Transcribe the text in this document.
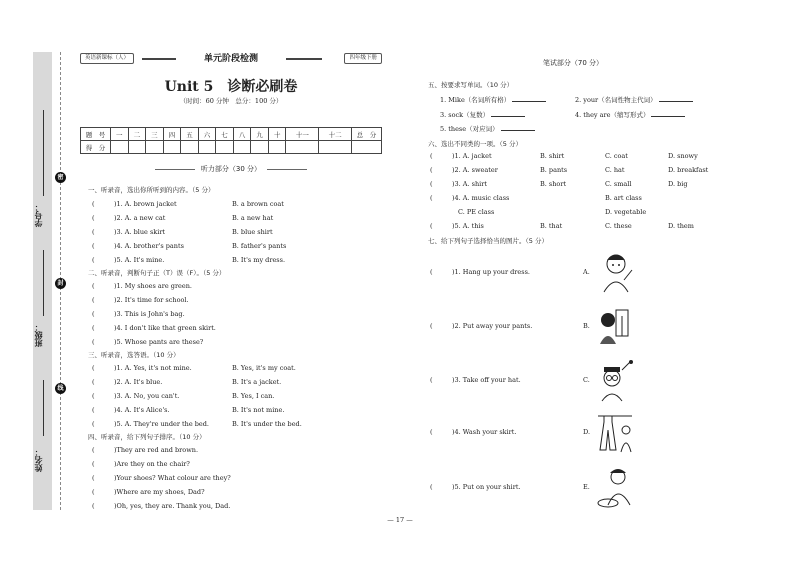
姓名：
班级：
学号：
密
封
线
英语新课标（人）	单元阶段检测	四年级下册
Unit 5 诊断必刷卷
（时间：60 分钟　总分：100 分）
题　号	一	二	三	四	五	六	七	八	九	十	十一	十二	总　分
得　分													
听力部分（30 分）
一、听录音，选出你所听到的内容。（5 分）
(	)1. A. brown jacket	B. a brown coat
(	)2. A. a new cat	B. a new hat
(	)3. A. blue skirt	B. blue shirt
(	)4. A. brother's pants	B. father's pants
(	)5. A. It's mine.	B. It's my dress.
二、听录音，判断句子正（T）误（F）。（5 分）
(	)1. My shoes are green.
(	)2. It's time for school.
(	)3. This is John's bag.
(	)4. I don't like that green skirt.
(	)5. Whose pants are these?
三、听录音，选答语。（10 分）
(	)1. A. Yes, it's not mine.	B. Yes, it's my coat.
(	)2. A. It's blue.	B. It's a jacket.
(	)3. A. No, you can't.	B. Yes, I can.
(	)4. A. It's Alice's.	B. It's not mine.
(	)5. A. They're under the bed.	B. It's under the bed.
四、听录音，给下列句子排序。（10 分）
(	)They are red and brown.
(	)Are they on the chair?
(	)Your shoes? What colour are they?
(	)Where are my shoes, Dad?
(	)Oh, yes, they are. Thank you, Dad.
笔试部分（70 分）
五、按要求写单词。（10 分）
1. Mike（名词所有格）	2. your（名词性物主代词）
3. sock（复数）	4. they are（缩写形式）
5. these（对应词）
六、选出不同类的一项。（5 分）
(	)1. A. jacket	B. shirt	C. coat	D. snowy
(	)2. A. sweater	B. pants	C. hat	D. breakfast
(	)3. A. shirt	B. short	C. small	D. big
(	)4. A. music class	B. art class
C. PE class	D. vegetable
(	)5. A. this	B. that	C. these	D. them
七、给下列句子选择恰当的图片。（5 分）
(	)1. Hang up your dress.	A.
(	)2. Put away your pants.	B.
(	)3. Take off your hat.	C.
(	)4. Wash your skirt.	D.
(	)5. Put on your shirt.	E.
— 17 —
